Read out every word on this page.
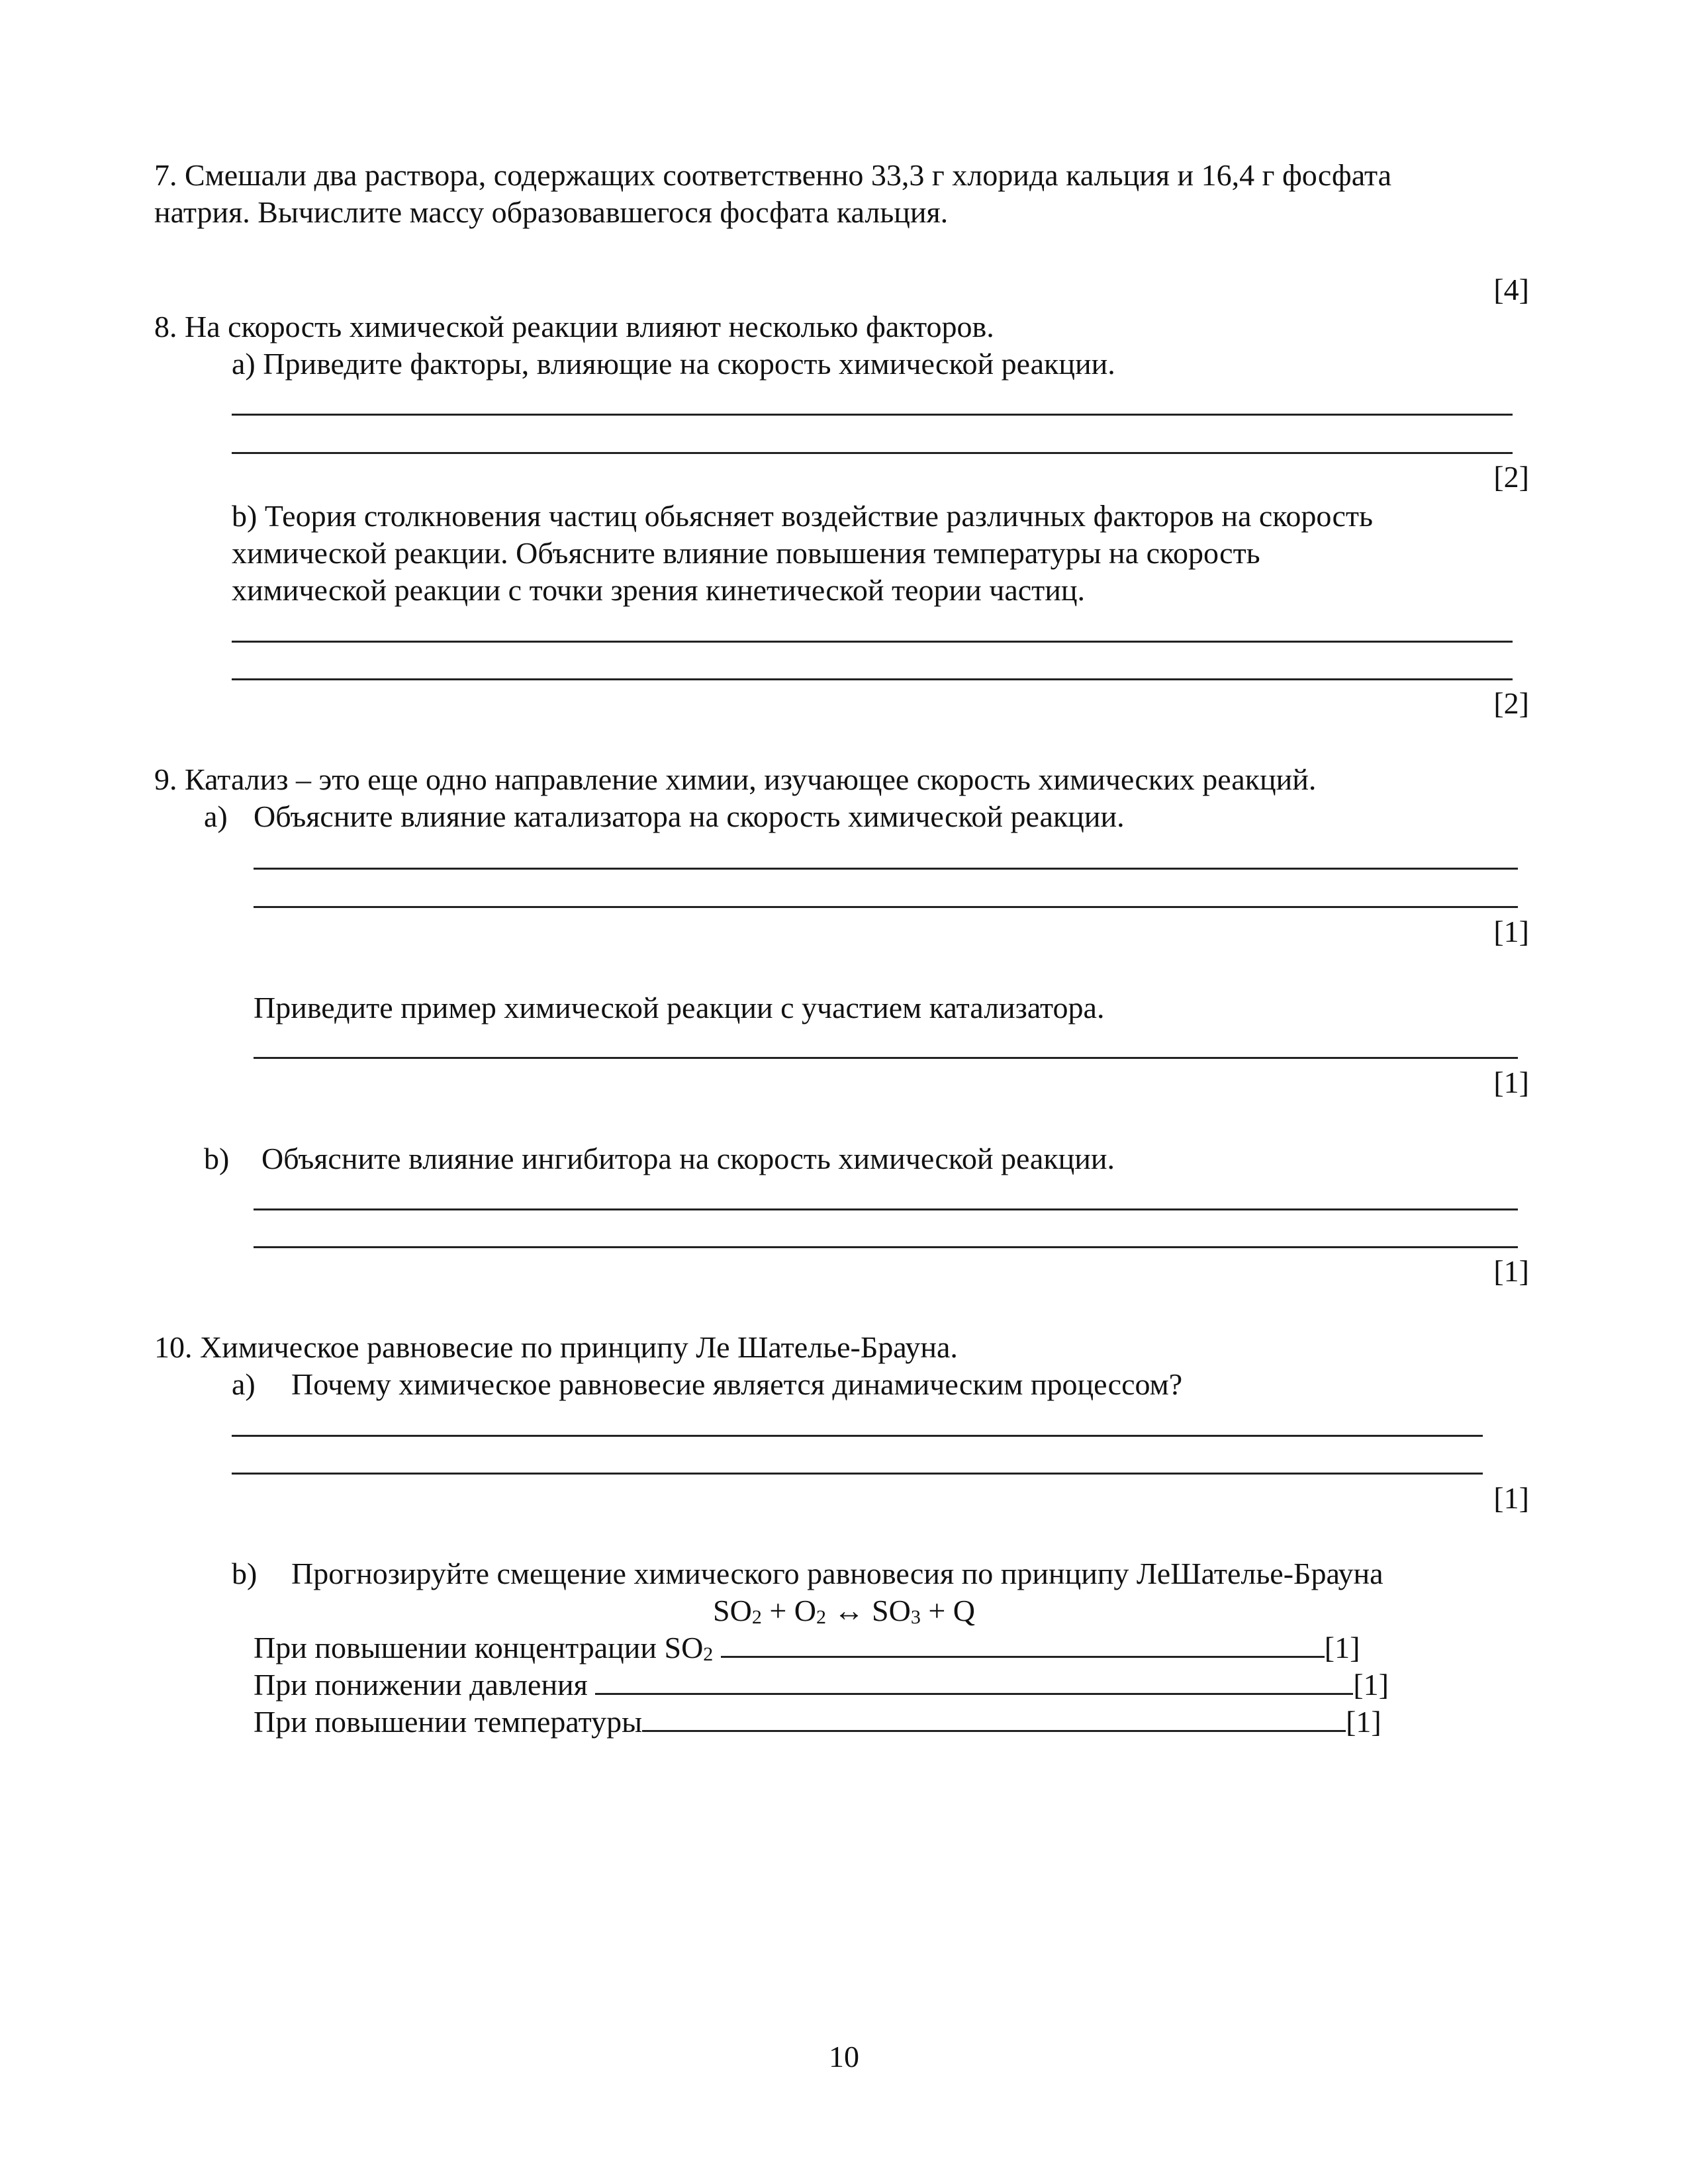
7. Смешали два раствора, содержащих соответственно 33,3 г хлорида кальция и 16,4 г фосфата
натрия. Вычислите массу образовавшегося фосфата кальция.
[4]
8. На скорость химической реакции влияют несколько факторов.
a) Приведите факторы, влияющие на скорость химической реакции.
[2]
b) Теория столкновения частиц обьясняет воздействие различных факторов на скорость
химической реакции. Объясните влияние повышения температуры на скорость
химической реакции с точки зрения кинетической теории частиц.
[2]
9. Катализ – это еще одно направление химии, изучающее скорость химических реакций.
a) Объясните влияние катализатора на скорость химической реакции.
[1]
Приведите пример химической реакции с участием катализатора.
[1]
b) Объясните влияние ингибитора на скорость химической реакции.
[1]
10. Химическое равновесие по принципу Ле Шателье-Брауна.
a) Почему химическое равновесие является динамическим процессом?
[1]
b) Прогнозируйте смещение химического равновесия по принципу ЛеШателье-Брауна
$SO_2 + O_2$ ↔ $SO_3 + Q$
При повышении концентрации $SO_2$	[1]
При понижении давления	[1]
При повышении температуры	[1]
10
